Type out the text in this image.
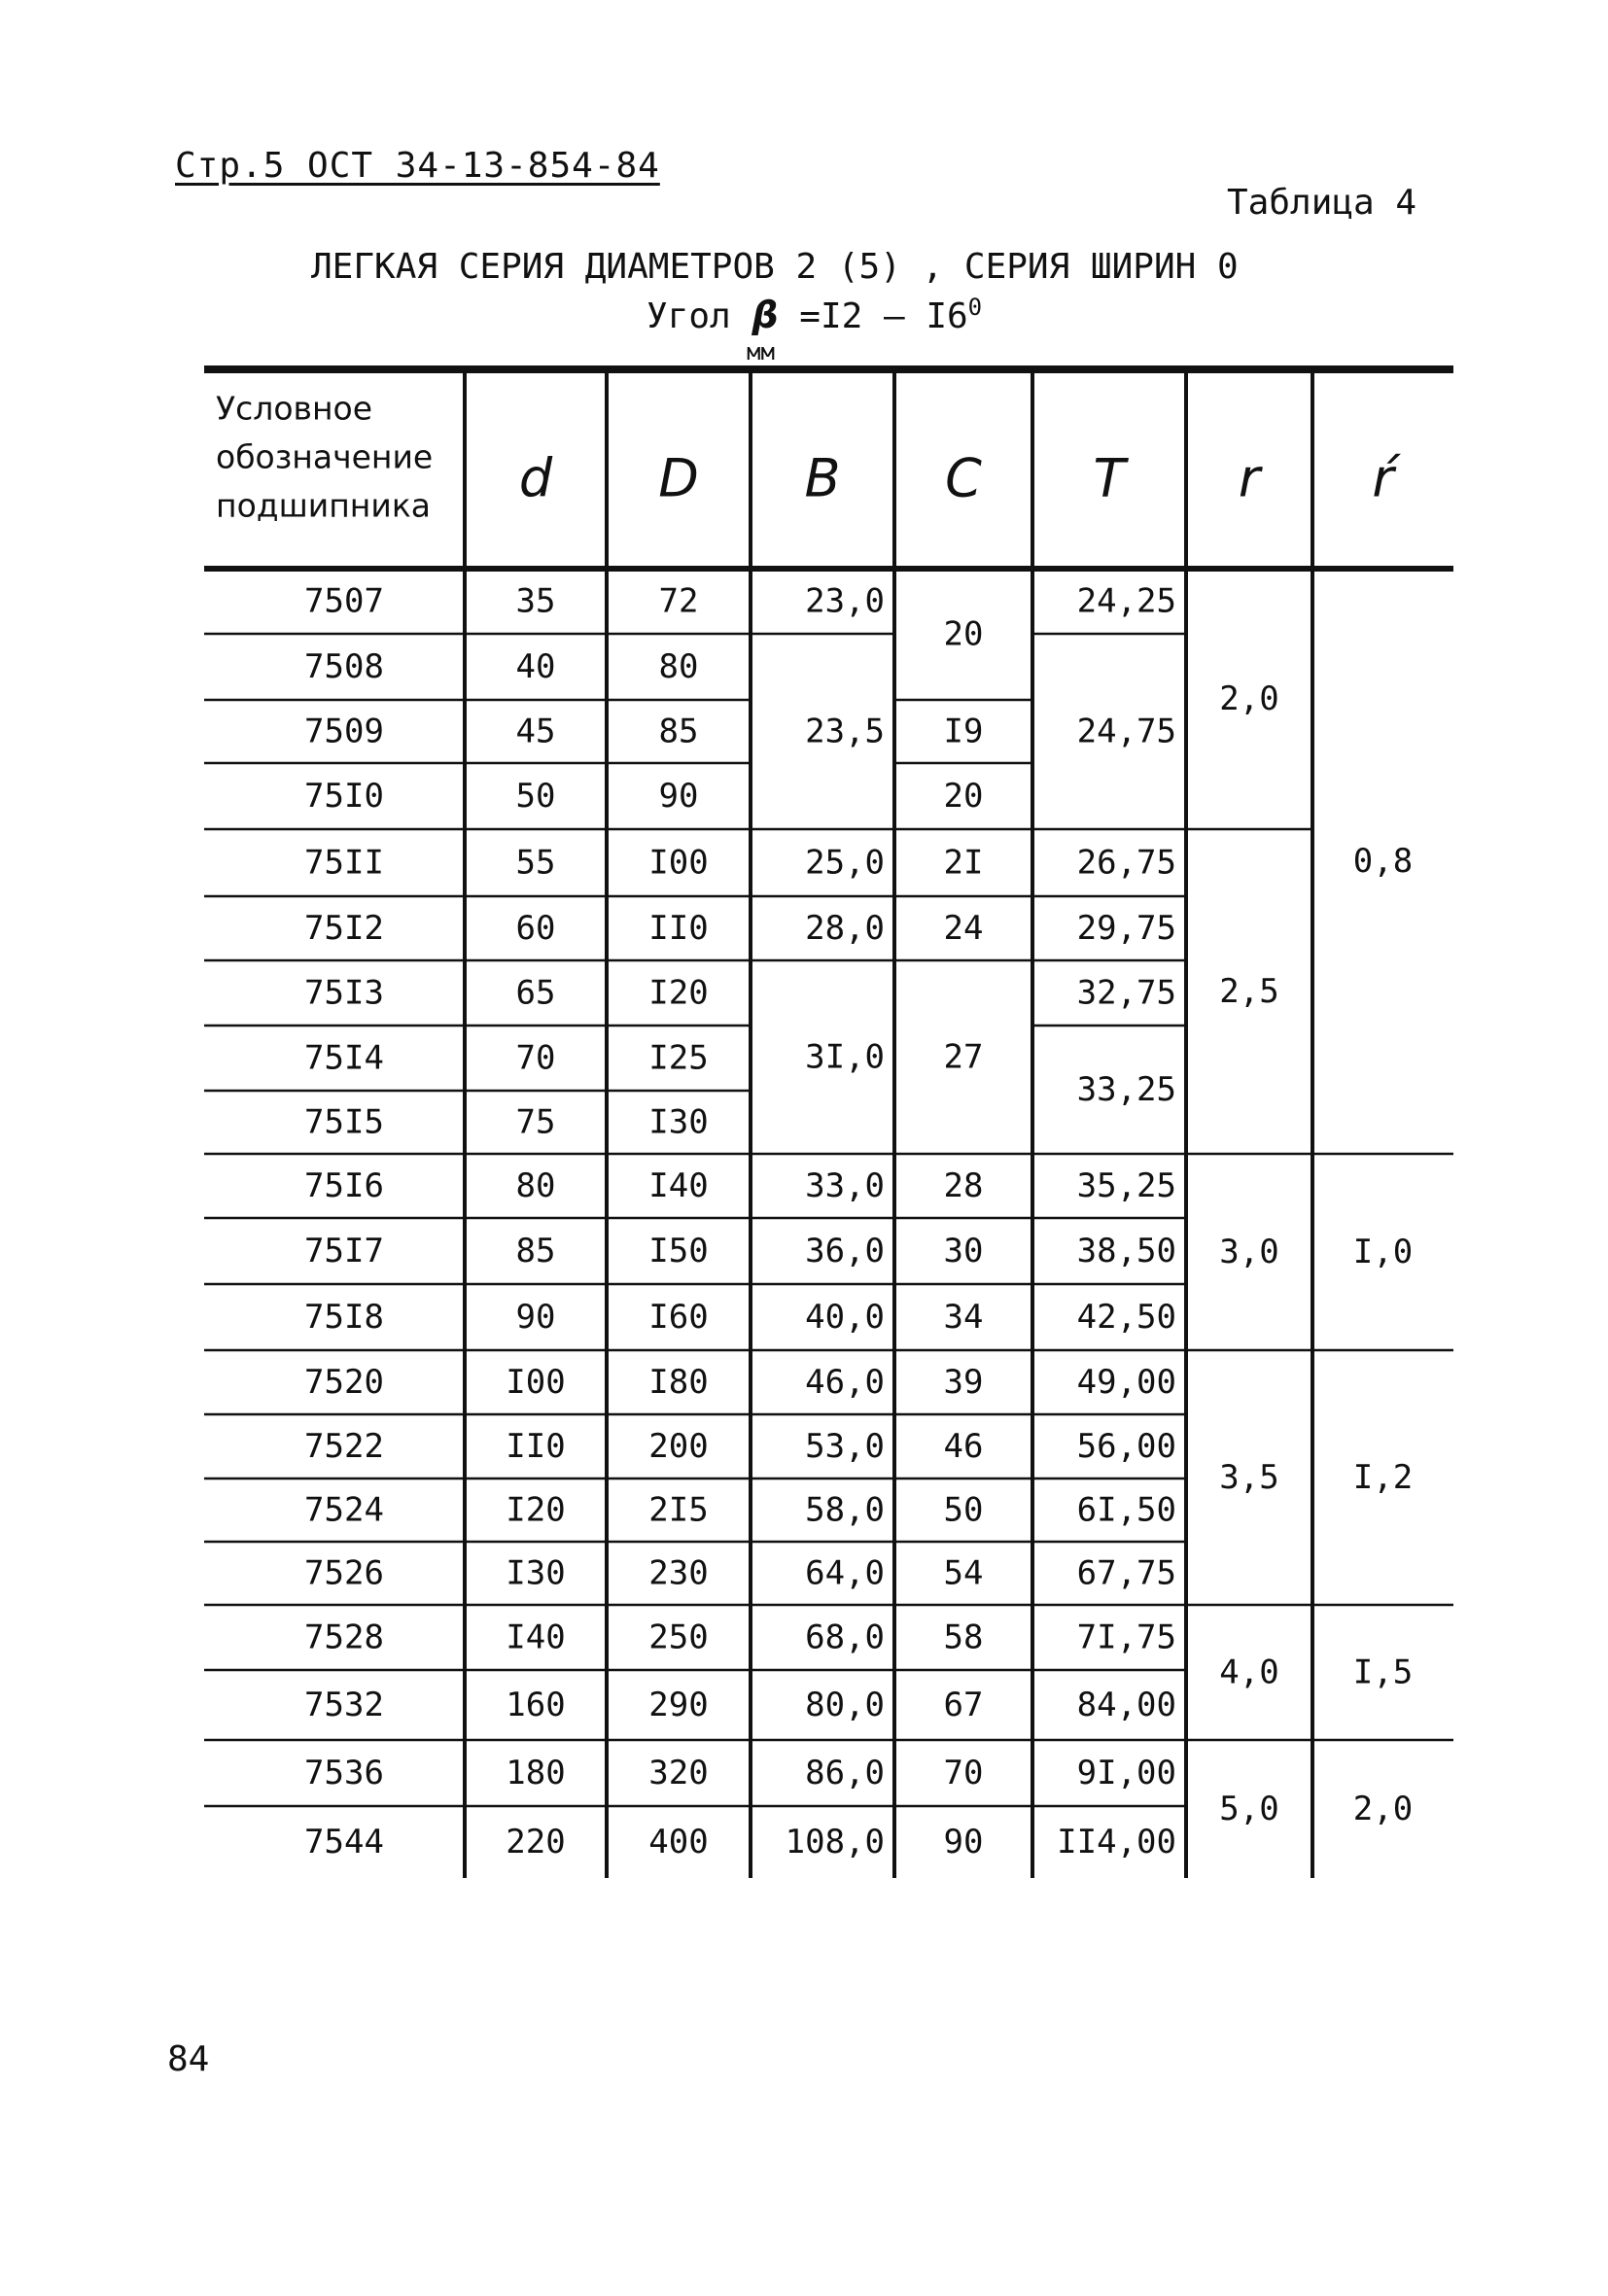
Стр.5 ОСТ 34-13-854-84
Таблица 4
ЛЕГКАЯ СЕРИЯ ДИАМЕТРОВ 2 (5) , СЕРИЯ ШИРИН 0
Угол β =I2 — $I6^0$
мм
Условное
обозначение
подшипника d D B C T r ŕ
7507
7508
7509
75I0
75II
75I2
75I3
75I4
75I5
75I6
75I7
75I8
7520
7522
7524
7526
7528
7532
7536
7544
35
40
45
50
55
60
65
70
75
80
85
90
I00
II0
I20
I30
I40
160
180
220
72
80
85
90
I00
II0
I20
I25
I30
I40
I50
I60
I80
200
2I5
230
250
290
320
400
23,0
23,5
25,0
28,0
3I,0
33,0
36,0
40,0
46,0
53,0
58,0
64,0
68,0
80,0
86,0
108,0
20
I9
20
2I
24
27
28
30
34
39
46
50
54
58
67
70
90
24,25
24,75
26,75
29,75
32,75
33,25
35,25
38,50
42,50
49,00
56,00
6I,50
67,75
7I,75
84,00
9I,00
II4,00
2,0
2,5
3,0
3,5
4,0
5,0
0,8
I,0
I,2
I,5
2,0
84
